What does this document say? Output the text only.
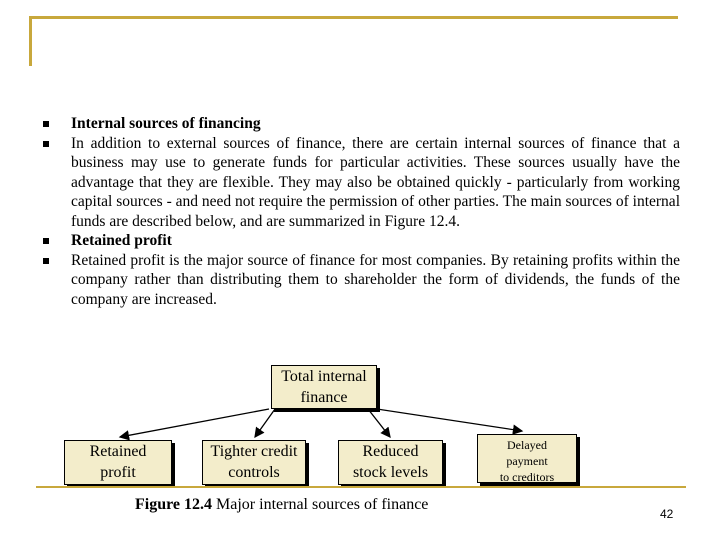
Internal sources of financing
In addition to external sources of finance, there are certain internal sources of finance that a business may use to generate funds for particular activities. These sources usually have the advantage that they are flexible. They may also be obtained quickly - particularly from working capital sources - and need not require the permission of other parties. The main sources of internal funds are described below, and are summarized in Figure 12.4.
Retained profit
Retained profit is the major source of finance for most companies. By retaining profits within the company rather than distributing them to shareholder the form of dividends, the funds of the company are increased.
Total internal
finance
Retained
profit
Tighter credit
controls
Reduced
stock levels
Delayed
payment
to creditors
Figure 12.4 Major internal sources of finance
42
